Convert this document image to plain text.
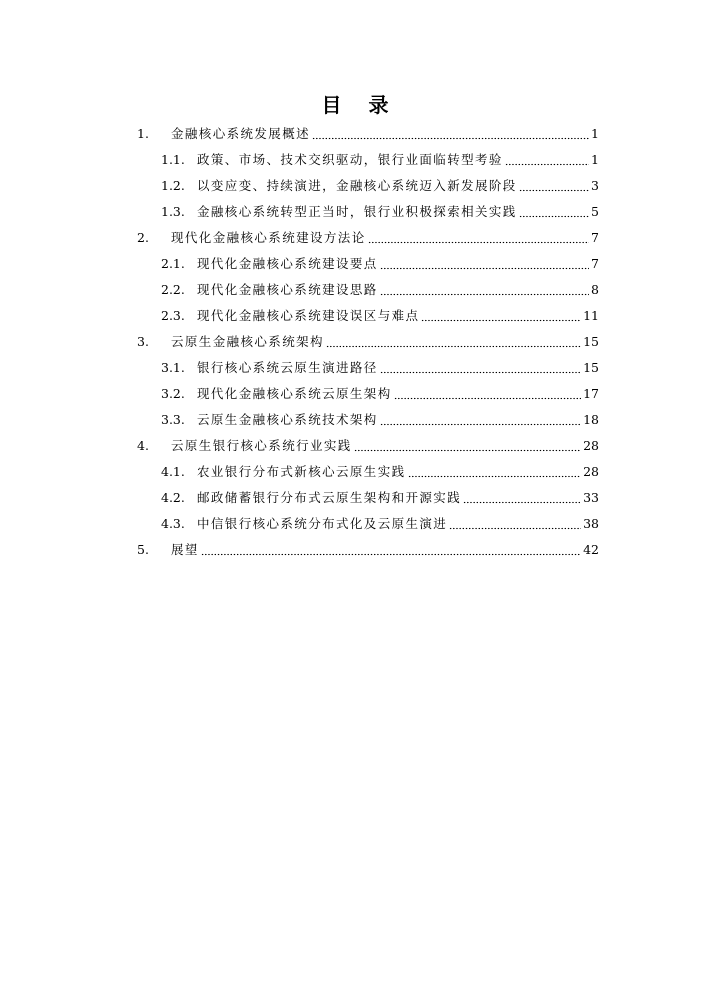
目 录
1.	金融核心系统发展概述	1
1.1. 政策、市场、技术交织驱动，银行业面临转型考验	1
1.2. 以变应变、持续演进，金融核心系统迈入新发展阶段	3
1.3. 金融核心系统转型正当时，银行业积极探索相关实践	5
2.	现代化金融核心系统建设方法论	7
2.1. 现代化金融核心系统建设要点	7
2.2. 现代化金融核心系统建设思路	8
2.3. 现代化金融核心系统建设误区与难点	11
3.	云原生金融核心系统架构	15
3.1. 银行核心系统云原生演进路径	15
3.2. 现代化金融核心系统云原生架构	17
3.3. 云原生金融核心系统技术架构	18
4.	云原生银行核心系统行业实践	28
4.1. 农业银行分布式新核心云原生实践	28
4.2. 邮政储蓄银行分布式云原生架构和开源实践	33
4.3. 中信银行核心系统分布式化及云原生演进	38
5.	展望	42
